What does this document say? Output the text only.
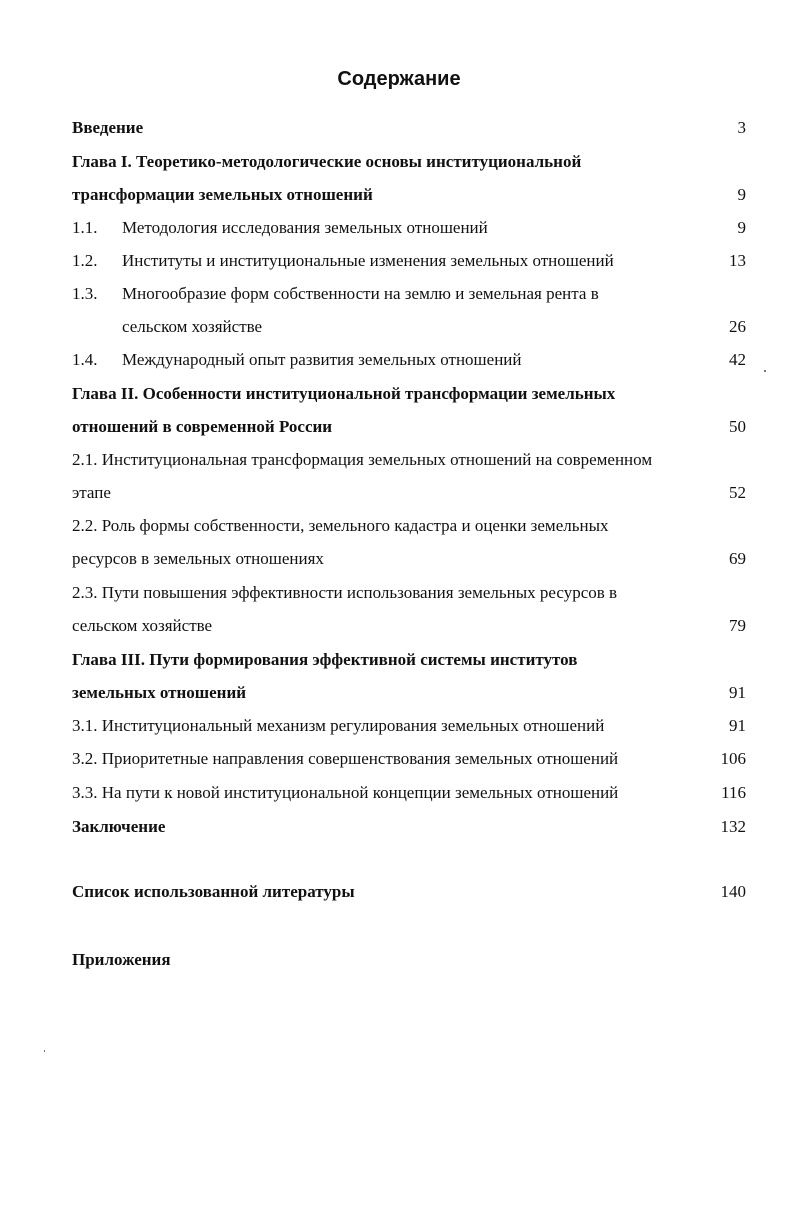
Содержание
Введение	3
Глава I. Теоретико-методологические основы институциональной
трансформации земельных отношений	9
1.1. Методология исследования земельных отношений	9
1.2. Институты и институциональные изменения земельных отношений	13
1.3. Многообразие форм собственности на землю и земельная рента в
сельском хозяйстве	26
1.4. Международный опыт развития земельных отношений	42
Глава II. Особенности институциональной трансформации земельных
отношений в современной России	50
2.1. Институциональная трансформация земельных отношений на современном
этапе	52
2.2. Роль формы собственности, земельного кадастра и оценки земельных
ресурсов в земельных отношениях	69
2.3. Пути повышения эффективности использования земельных ресурсов в
сельском хозяйстве	79
Глава III. Пути формирования эффективной системы институтов
земельных отношений	91
3.1. Институциональный механизм регулирования земельных отношений	91
3.2. Приоритетные направления совершенствования земельных отношений	106
3.3. На пути к новой институциональной концепции земельных отношений	116
Заключение	132
Список использованной литературы	140
Приложения
